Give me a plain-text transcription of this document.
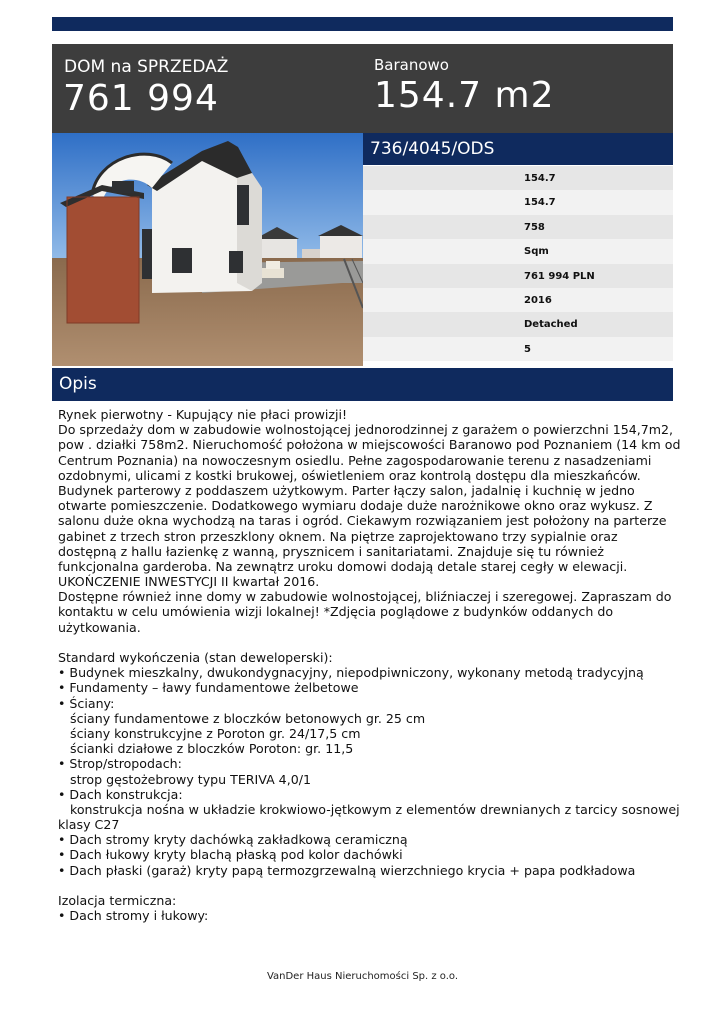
DOM na SPRZEDAŻ
761 994
Baranowo
154.7 m2
736/4045/ODS
154.7
154.7
758
Sqm
761 994 PLN
2016
Detached
5
Opis
Rynek pierwotny - Kupujący nie płaci prowizji!
Do sprzedaży dom w zabudowie wolnostojącej jednorodzinnej z garażem o powierzchni 154,7m2,
pow . działki 758m2. Nieruchomość położona w miejscowości Baranowo pod Poznaniem (14 km od
Centrum Poznania) na nowoczesnym osiedlu. Pełne zagospodarowanie terenu z nasadzeniami
ozdobnymi, ulicami z kostki brukowej, oświetleniem oraz kontrolą dostępu dla mieszkańców.
Budynek parterowy z poddaszem użytkowym. Parter łączy salon, jadalnię i kuchnię w jedno
otwarte pomieszczenie. Dodatkowego wymiaru dodaje duże narożnikowe okno oraz wykusz. Z
salonu duże okna wychodzą na taras i ogród. Ciekawym rozwiązaniem jest położony na parterze
gabinet z trzech stron przeszklony oknem. Na piętrze zaprojektowano trzy sypialnie oraz
dostępną z hallu łazienkę z wanną, prysznicem i sanitariatami. Znajduje się tu również
funkcjonalna garderoba. Na zewnątrz uroku domowi dodają detale starej cegły w elewacji.
UKOŃCZENIE INWESTYCJI II kwartał 2016.
Dostępne również inne domy w zabudowie wolnostojącej, bliźniaczej i szeregowej. Zapraszam do
kontaktu w celu umówienia wizji lokalnej! *Zdjęcia poglądowe z budynków oddanych do
użytkowania.
Standard wykończenia (stan deweloperski):
• Budynek mieszkalny, dwukondygnacyjny, niepodpiwniczony, wykonany metodą tradycyjną
• Fundamenty – ławy fundamentowe żelbetowe
• Ściany:
ściany fundamentowe z bloczków betonowych gr. 25 cm
ściany konstrukcyjne z Poroton gr. 24/17,5 cm
ścianki działowe z bloczków Poroton: gr. 11,5
• Strop/stropodach:
strop gęstożebrowy typu TERIVA 4,0/1
• Dach konstrukcja:
konstrukcja nośna w układzie krokwiowo-jętkowym z elementów drewnianych z tarcicy sosnowej
klasy C27
• Dach stromy kryty dachówką zakładkową ceramiczną
• Dach łukowy kryty blachą płaską pod kolor dachówki
• Dach płaski (garaż) kryty papą termozgrzewalną wierzchniego krycia + papa podkładowa
Izolacja termiczna:
• Dach stromy i łukowy:
VanDer Haus Nieruchomości Sp. z o.o.
